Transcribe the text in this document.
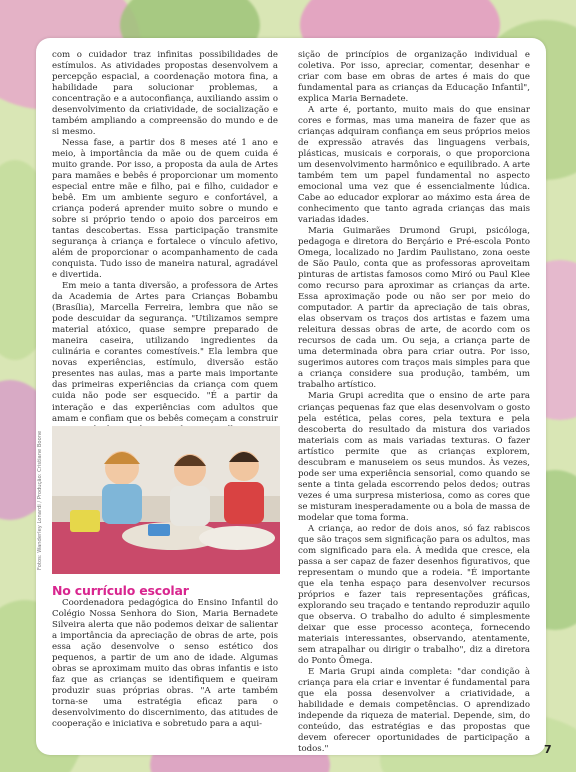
com o cuidador traz infinitas possibilidades de estímulos. As atividades propostas desenvolvem a percepção espacial, a coordenação motora fina, a habilidade para solucionar problemas, a concentração e a autoconfiança, auxiliando assim o desenvolvimento da criatividade, de socialização e também ampliando a compreensão do mundo e de si mesmo.

Nessa fase, a partir dos 8 meses até 1 ano e meio, à importância da mãe ou de quem cuida é muito grande. Por isso, a proposta da aula de Artes para mamães e bebês é proporcionar um momento especial entre mãe e filho, pai e filho, cuidador e bebê. Em um ambiente seguro e confortável, a criança poderá aprender muito sobre o mundo e sobre si próprio tendo o apoio dos parceiros em tantas descobertas. Essa participação transmite segurança à criança e fortalece o vínculo afetivo, além de proporcionar o acompanhamento de cada conquista. Tudo isso de maneira natural, agradável e divertida.

Em meio a tanta diversão, a professora de Artes da Academia de Artes para Crianças Bobambu (Brasília), Marcella Ferreira, lembra que não se pode descuidar da segurança. "Utilizamos sempre material atóxico, quase sempre preparado de maneira caseira, utilizando ingredientes da culinária e corantes comestíveis." Ela lembra que novas experiências, estímulo, diversão estão presentes nas aulas, mas a parte mais importante das primeiras experiências da criança com quem cuida não pode ser esquecido. "É a partir da interação e das experiências com adultos que amam e confiam que os bebês começam a construir

Fotos: Wanderley Lonardi / Produção: Cristiane Boone
No currículo escolar

Coordenadora pedagógica do Ensino Infantil do Colégio Nossa Senhora do Sion, Maria Bernadete Silveira alerta que não podemos deixar de salientar a importância da apreciação de obras de arte, pois essa ação desenvolve o senso estético dos pequenos, a partir de um ano de idade. Algumas obras se aproximam muito das obras infantis e isto faz que as crianças se identifiquem e queiram produzir suas próprias obras. "A arte também torna-se uma estratégia eficaz para o desenvolvimento do discernimento, das atitudes de cooperação e iniciativa e sobretudo para a aqui-

sição de princípios de organização individual e coletiva. Por isso, apreciar, comentar, desenhar e criar com base em obras de artes é mais do que fundamental para as crianças da Educação Infantil", explica Maria Bernadete.

A arte é, portanto, muito mais do que ensinar cores e formas, mas uma maneira de fazer que as crianças adquiram confiança em seus próprios meios de expressão através das linguagens verbais, plásticas, musicais e corporais, o que proporciona um desenvolvimento harmônico e equilibrado. A arte também tem um papel fundamental no aspecto emocional uma vez que é essencialmente lúdica. Cabe ao educador explorar ao máximo esta área de conhecimento que tanto agrada crianças das mais variadas idades.

Maria Guimarães Drumond Grupi, psicóloga, pedagoga e diretora do Berçário e Pré-escola Ponto Omega, localizado no Jardim Paulistano, zona oeste de São Paulo, conta que as professoras aproveitam pinturas de artistas famosos como Miró ou Paul Klee como recurso para aproximar as crianças da arte. Essa aproximação pode ou não ser por meio do computador. A partir da apreciação de tais obras, elas observam os traços dos artistas e fazem uma releitura dessas obras de arte, de acordo com os recursos de cada um. Ou seja, a criança parte de uma determinada obra para criar outra. Por isso, sugerimos autores com traços mais simples para que a criança considere sua produção, também, um trabalho artístico.

Maria Grupi acredita que o ensino de arte para crianças pequenas faz que elas desenvolvam o gosto pela estética, pelas cores, pela textura e pela descoberta do resultado da mistura dos variados materiais com as mais variadas texturas. O fazer artístico permite que as crianças explorem, descubram e manuseiem os seus mundos. Às vezes, pode ser uma experiência sensorial, como quando se sente a tinta gelada escorrendo pelos dedos; outras vezes é uma surpresa misteriosa, como as cores que se misturam inesperadamente ou a bola de massa de modelar que toma forma.

A criança, ao redor de dois anos, só faz rabiscos que são traços sem significação para os adultos, mas com significado para ela. À medida que cresce, ela passa a ser capaz de fazer desenhos figurativos, que representam o mundo que a rodeia. "É importante que ela tenha espaço para desenvolver recursos próprios e fazer tais representações gráficas, explorando seu traçado e tentando reproduzir aquilo que observa. O trabalho do adulto é simplesmente deixar que esse processo aconteça, fornecendo materiais interessantes, observando, atentamente, sem atrapalhar ou dirigir o trabalho", diz a diretora do Ponto Ômega.

E Maria Grupi ainda completa: "dar condição à criança para ela criar e inventar é fundamental para que ela possa desenvolver a criatividade, a habilidade e demais competências. O aprendizado independe da riqueza de material. Depende, sim, do conteúdo, das estratégias e das propostas que devem oferecer oportunidades de participação a todos."	7
